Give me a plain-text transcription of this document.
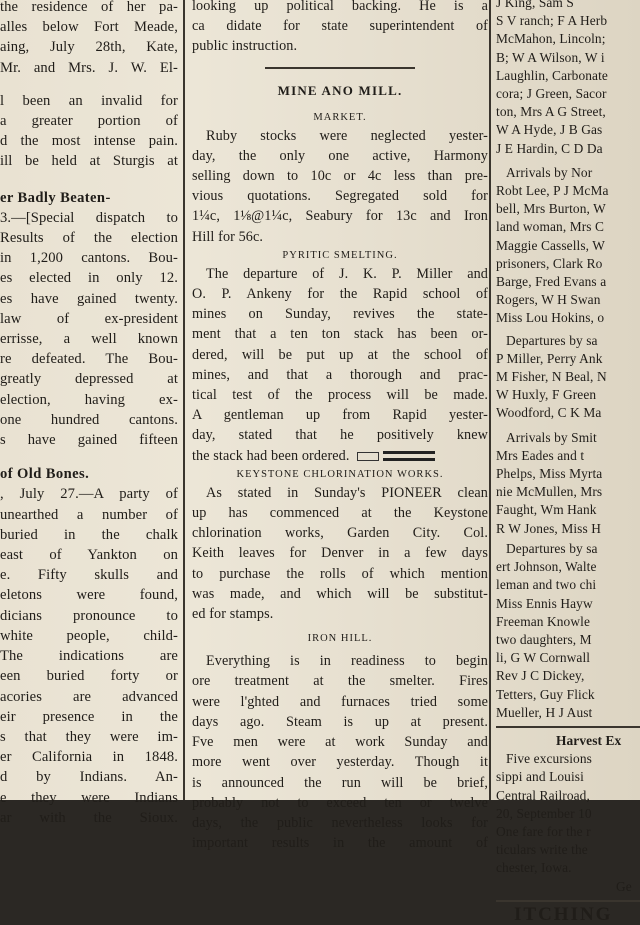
the residence of her pa-
alles below Fort Meade,
aing, July 28th, Kate,
Mr. and Mrs. J. W. El-
l been an invalid for
a greater portion of
d the most intense pain.
ill be held at Sturgis at
er Badly Beaten-
3.—[Special dispatch to
Results of the election
in 1,200 cantons. Bou-
es elected in only 12.
es have gained twenty.
law of ex-president
errisse, a well known
re defeated. The Bou-
greatly depressed at
election, having ex-
one hundred cantons.
s have gained fifteen
of Old Bones.
, July 27.—A party of
unearthed a number of
buried in the chalk
east of Yankton on
e. Fifty skulls and
eletons were found,
dicians pronounce to
white people, child-
The indications are
een buried forty or
acories are advanced
eir presence in the
s that they were im-
er California in 1848.
d by Indians. An-
e they were Indians
ar with the Sioux.
looking up political backing. He is a
ca didate for state superintendent of
public instruction.
MINE ANO MILL.
MARKET.
Ruby stocks were neglected yester-
day, the only one active, Harmony
selling down to 10c or 4c less than pre-
vious quotations. Segregated sold for
1¼c, 1⅛@1¼c, Seabury for 13c and Iron
Hill for 56c.
PYRITIC SMELTING.
The departure of J. K. P. Miller and
O. P. Ankeny for the Rapid school of
mines on Sunday, revives the state-
ment that a ten ton stack has been or-
dered, will be put up at the school of
mines, and that a thorough and prac-
tical test of the process will be made.
A gentleman up from Rapid yester-
day, stated that he positively knew
the stack had been ordered.
KEYSTONE CHLORINATION WORKS.
As stated in Sunday's PIONEER clean
up has commenced at the Keystone
chlorination works, Garden City. Col.
Keith leaves for Denver in a few days
to purchase the rolls of which mention
was made, and which will be substitut-
ed for stamps.
IRON HILL.
Everything is in readiness to begin
ore treatment at the smelter. Fires
were l'ghted and furnaces tried some
days ago. Steam is up at present.
Fve men were at work Sunday and
more went over yesterday. Though it
is announced the run will be brief,
probably not to exceed ten or twelve
days, the public nevertheless looks for
important results in the amount of
J King, Sam S
S V ranch; F A Herb
McMahon, Lincoln;
B; W A Wilson, W i
Laughlin, Carbonate
cora; J Green, Sacor
ton, Mrs A G Street,
W A Hyde, J B Gas
J E Hardin, C D Da
Arrivals by Nor
Robt Lee, P J McMa
bell, Mrs Burton, W
land woman, Mrs C
Maggie Cassells, W
prisoners, Clark Ro
Barge, Fred Evans a
Rogers, W H Swan
Miss Lou Hokins, o
Departures by sa
P Miller, Perry Ank
M Fisher, N Beal, N
W Huxly, F Green
Woodford, C K Ma
Arrivals by Smit
Mrs Eades and t
Phelps, Miss Myrta
nie McMullen, Mrs
Faught, Wm Hank
R W Jones, Miss H
Departures by sa
ert Johnson, Walte
leman and two chi
Miss Ennis Hayw
Freeman Knowle
two daughters, M
li, G W Cornwall
Rev J C Dickey,
Tetters, Guy Flick
Mueller, H J Aust
Harvest Ex
Five excursions
sippi and Louisi
Central Railroad,
20, September 10
One fare for the r
ticulars write the
chester, Iowa.
Ge
ITCHING
